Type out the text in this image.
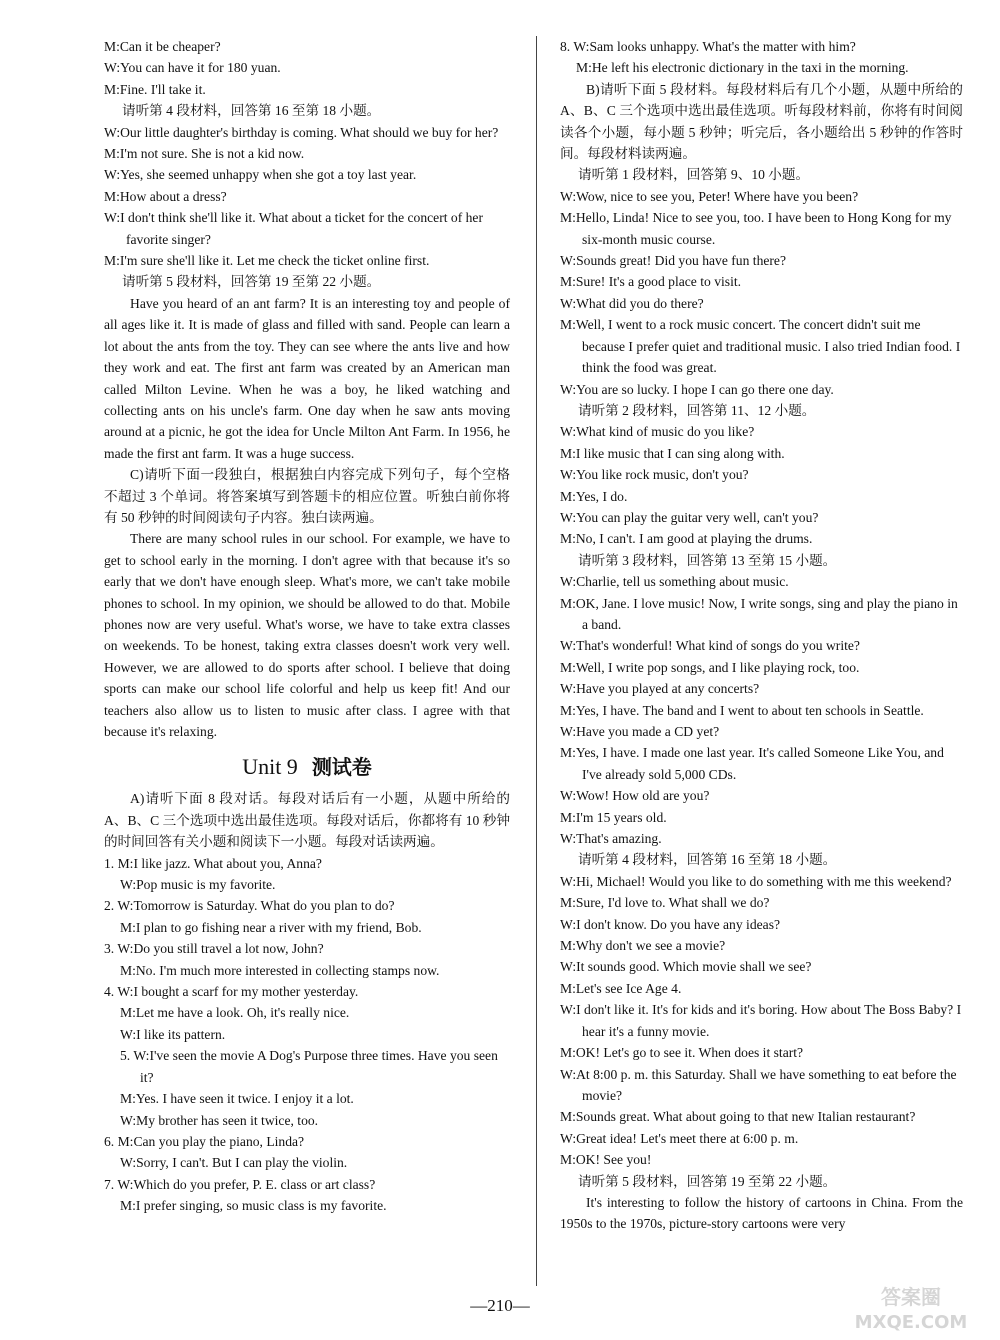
M:Can it be cheaper?
W:You can have it for 180 yuan.
M:Fine. I'll take it.
请听第 4 段材料，回答第 16 至第 18 小题。
W:Our little daughter's birthday is coming. What should we buy for her?
M:I'm not sure. She is not a kid now.
W:Yes, she seemed unhappy when she got a toy last year.
M:How about a dress?
W:I don't think she'll like it. What about a ticket for the concert of her favorite singer?
M:I'm sure she'll like it. Let me check the ticket online first.
请听第 5 段材料，回答第 19 至第 22 小题。
Have you heard of an ant farm? It is an interesting toy and people of all ages like it. It is made of glass and filled with sand. People can learn a lot about the ants from the toy. They can see where the ants live and how they work and eat. The first ant farm was created by an American man called Milton Levine. When he was a boy, he liked watching and collecting ants on his uncle's farm. One day when he saw ants moving around at a picnic, he got the idea for Uncle Milton Ant Farm. In 1956, he made the first ant farm. It was a huge success.
C)请听下面一段独白，根据独白内容完成下列句子，每个空格不超过 3 个单词。将答案填写到答题卡的相应位置。听独白前你将有 50 秒钟的时间阅读句子内容。独白读两遍。
There are many school rules in our school. For example, we have to get to school early in the morning. I don't agree with that because it's so early that we don't have enough sleep. What's more, we can't take mobile phones to school. In my opinion, we should be allowed to do that. Mobile phones now are very useful. What's worse, we have to take extra classes on weekends. To be honest, taking extra classes doesn't work very well. However, we are allowed to do sports after school. I believe that doing sports can make our school life colorful and help us keep fit! And our teachers also allow us to listen to music after class. I agree with that because it's relaxing.
Unit 9 测试卷
A)请听下面 8 段对话。每段对话后有一小题，从题中所给的 A、B、C 三个选项中选出最佳选项。每段对话后，你都将有 10 秒钟的时间回答有关小题和阅读下一小题。每段对话读两遍。
1. M:I like jazz. What about you, Anna?
W:Pop music is my favorite.
2. W:Tomorrow is Saturday. What do you plan to do?
M:I plan to go fishing near a river with my friend, Bob.
3. W:Do you still travel a lot now, John?
M:No. I'm much more interested in collecting stamps now.
4. W:I bought a scarf for my mother yesterday.
M:Let me have a look. Oh, it's really nice.
W:I like its pattern.
5. W:I've seen the movie A Dog's Purpose three times. Have you seen it?
M:Yes. I have seen it twice. I enjoy it a lot.
W:My brother has seen it twice, too.
6. M:Can you play the piano, Linda?
W:Sorry, I can't. But I can play the violin.
7. W:Which do you prefer, P. E. class or art class?
M:I prefer singing, so music class is my favorite.
8. W:Sam looks unhappy. What's the matter with him?
M:He left his electronic dictionary in the taxi in the morning.
B)请听下面 5 段材料。每段材料后有几个小题，从题中所给的 A、B、C 三个选项中选出最佳选项。听每段材料前，你将有时间阅读各个小题，每小题 5 秒钟；听完后，各小题给出 5 秒钟的作答时间。每段材料读两遍。
请听第 1 段材料，回答第 9、10 小题。
W:Wow, nice to see you, Peter! Where have you been?
M:Hello, Linda! Nice to see you, too. I have been to Hong Kong for my six-month music course.
W:Sounds great! Did you have fun there?
M:Sure! It's a good place to visit.
W:What did you do there?
M:Well, I went to a rock music concert. The concert didn't suit me because I prefer quiet and traditional music. I also tried Indian food. I think the food was great.
W:You are so lucky. I hope I can go there one day.
请听第 2 段材料，回答第 11、12 小题。
W:What kind of music do you like?
M:I like music that I can sing along with.
W:You like rock music, don't you?
M:Yes, I do.
W:You can play the guitar very well, can't you?
M:No, I can't. I am good at playing the drums.
请听第 3 段材料，回答第 13 至第 15 小题。
W:Charlie, tell us something about music.
M:OK, Jane. I love music! Now, I write songs, sing and play the piano in a band.
W:That's wonderful! What kind of songs do you write?
M:Well, I write pop songs, and I like playing rock, too.
W:Have you played at any concerts?
M:Yes, I have. The band and I went to about ten schools in Seattle.
W:Have you made a CD yet?
M:Yes, I have. I made one last year. It's called Someone Like You, and I've already sold 5,000 CDs.
W:Wow! How old are you?
M:I'm 15 years old.
W:That's amazing.
请听第 4 段材料，回答第 16 至第 18 小题。
W:Hi, Michael! Would you like to do something with me this weekend?
M:Sure, I'd love to. What shall we do?
W:I don't know. Do you have any ideas?
M:Why don't we see a movie?
W:It sounds good. Which movie shall we see?
M:Let's see Ice Age 4.
W:I don't like it. It's for kids and it's boring. How about The Boss Baby? I hear it's a funny movie.
M:OK! Let's go to see it. When does it start?
W:At 8:00 p. m. this Saturday. Shall we have something to eat before the movie?
M:Sounds great. What about going to that new Italian restaurant?
W:Great idea! Let's meet there at 6:00 p. m.
M:OK! See you!
请听第 5 段材料，回答第 19 至第 22 小题。
It's interesting to follow the history of cartoons in China. From the 1950s to the 1970s, picture-story cartoons were very
—210—	答案圈
MXQE.COM
